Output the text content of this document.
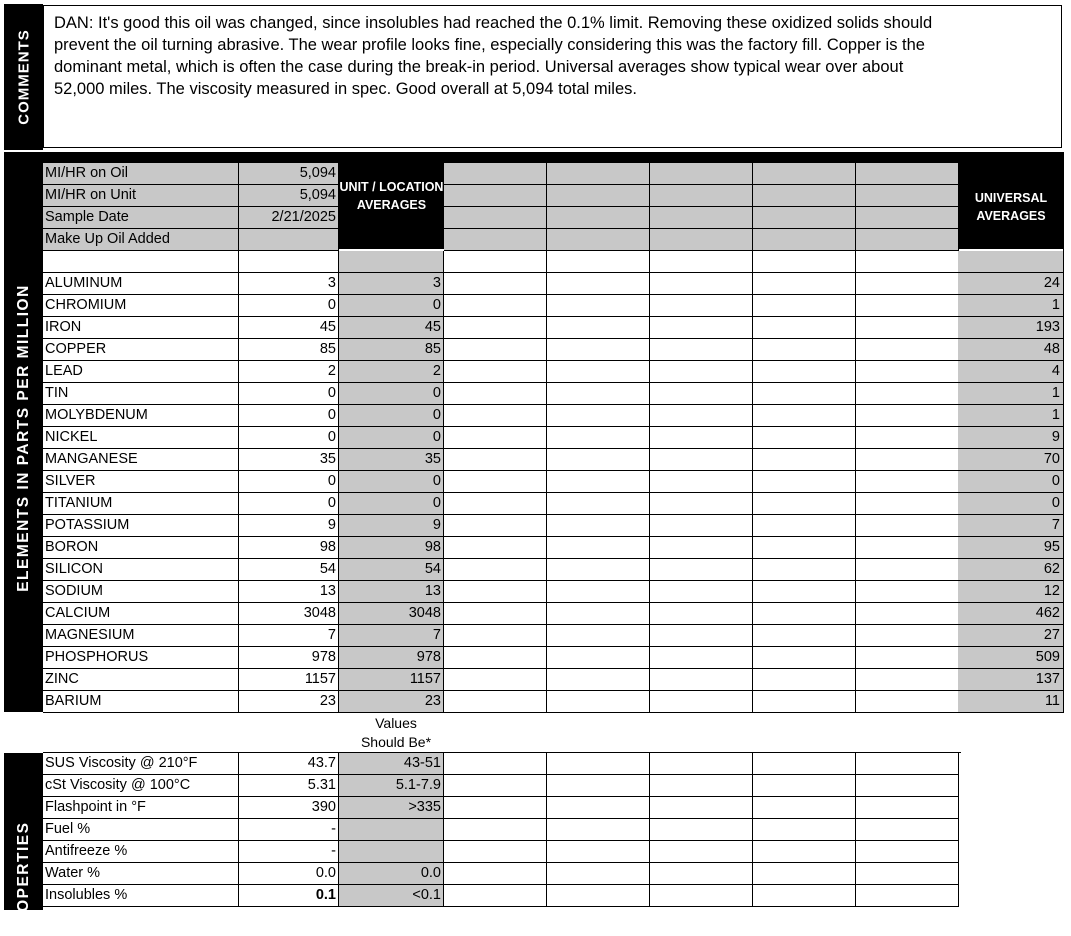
COMMENTS
DAN: It's good this oil was changed, since insolubles had reached the 0.1% limit. Removing these oxidized solids should prevent the oil turning abrasive. The wear profile looks fine, especially considering this was the factory fill. Copper is the dominant metal, which is often the case during the break-in period. Universal averages show typical wear over about 52,000 miles. The viscosity measured in spec. Good overall at 5,094 total miles.
ELEMENTS IN PARTS PER MILLION
UNIT / LOCATION AVERAGES	UNIVERSAL AVERAGES
MI/HR on Oil	5,094
MI/HR on Unit	5,094
Sample Date	2/21/2025
Make Up Oil Added
ALUMINUM	3	3	24
CHROMIUM	0	0	1
IRON	45	45	193
COPPER	85	85	48
LEAD	2	2	4
TIN	0	0	1
MOLYBDENUM	0	0	1
NICKEL	0	0	9
MANGANESE	35	35	70
SILVER	0	0	0
TITANIUM	0	0	0
POTASSIUM	9	9	7
BORON	98	98	95
SILICON	54	54	62
SODIUM	13	13	12
CALCIUM	3048	3048	462
MAGNESIUM	7	7	27
PHOSPHORUS	978	978	509
ZINC	1157	1157	137
BARIUM	23	23	11
Values
Should Be*
PROPERTIES
SUS Viscosity @ 210°F	43.7	43-51
cSt Viscosity @ 100°C	5.31	5.1-7.9
Flashpoint in °F	390	>335
Fuel %	-
Antifreeze %	-
Water %	0.0	0.0
Insolubles %	0.1	<0.1
